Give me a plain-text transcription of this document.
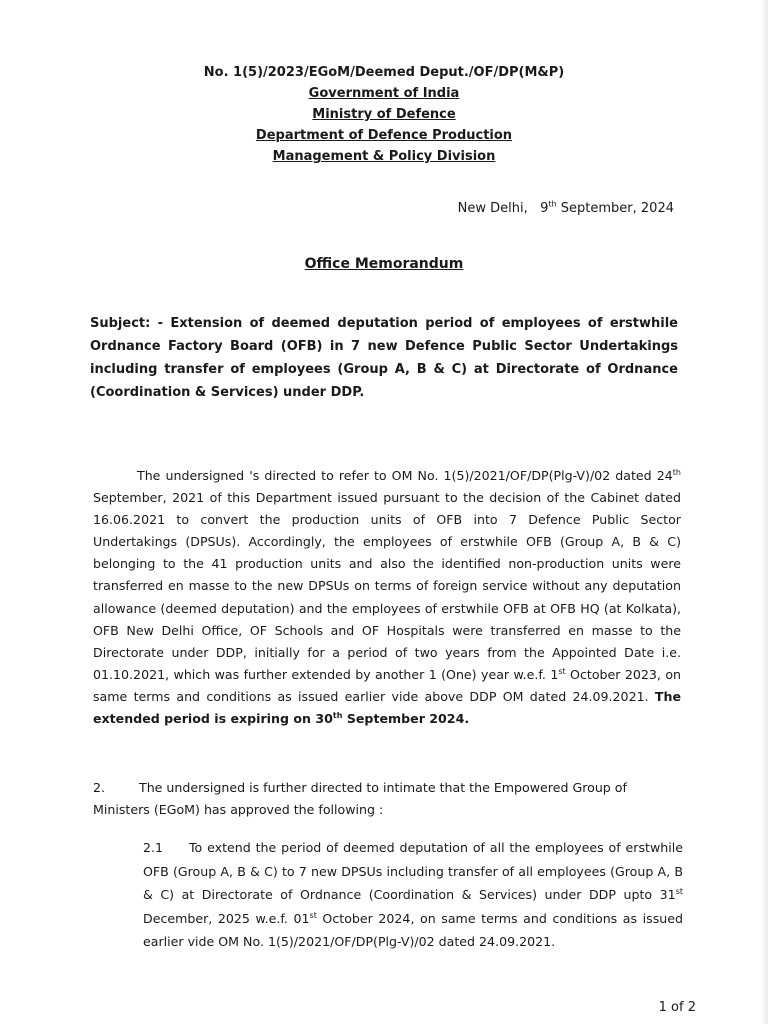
No. 1(5)/2023/EGoM/Deemed Deput./OF/DP(M&P)
Government of India
Ministry of Defence
Department of Defence Production
Management & Policy Division
New Delhi, 9th September, 2024
Office Memorandum
Subject: - Extension of deemed deputation period of employees of erstwhile Ordnance Factory Board (OFB) in 7 new Defence Public Sector Undertakings including transfer of employees (Group A, B & C) at Directorate of Ordnance (Coordination & Services) under DDP.
The undersigned 's directed to refer to OM No. 1(5)/2021/OF/DP(Plg-V)/02 dated 24th September, 2021 of this Department issued pursuant to the decision of the Cabinet dated 16.06.2021 to convert the production units of OFB into 7 Defence Public Sector Undertakings (DPSUs). Accordingly, the employees of erstwhile OFB (Group A, B & C) belonging to the 41 production units and also the identified non-production units were transferred en masse to the new DPSUs on terms of foreign service without any deputation allowance (deemed deputation) and the employees of erstwhile OFB at OFB HQ (at Kolkata), OFB New Delhi Office, OF Schools and OF Hospitals were transferred en masse to the Directorate under DDP, initially for a period of two years from the Appointed Date i.e. 01.10.2021, which was further extended by another 1 (One) year w.e.f. 1st October 2023, on same terms and conditions as issued earlier vide above DDP OM dated 24.09.2021. The extended period is expiring on 30th September 2024.
2.	The undersigned is further directed to intimate that the Empowered Group of Ministers (EGoM) has approved the following :
2.1 To extend the period of deemed deputation of all the employees of erstwhile OFB (Group A, B & C) to 7 new DPSUs including transfer of all employees (Group A, B & C) at Directorate of Ordnance (Coordination & Services) under DDP upto 31st December, 2025 w.e.f. 01st October 2024, on same terms and conditions as issued earlier vide OM No. 1(5)/2021/OF/DP(Plg-V)/02 dated 24.09.2021.
1 of 2
